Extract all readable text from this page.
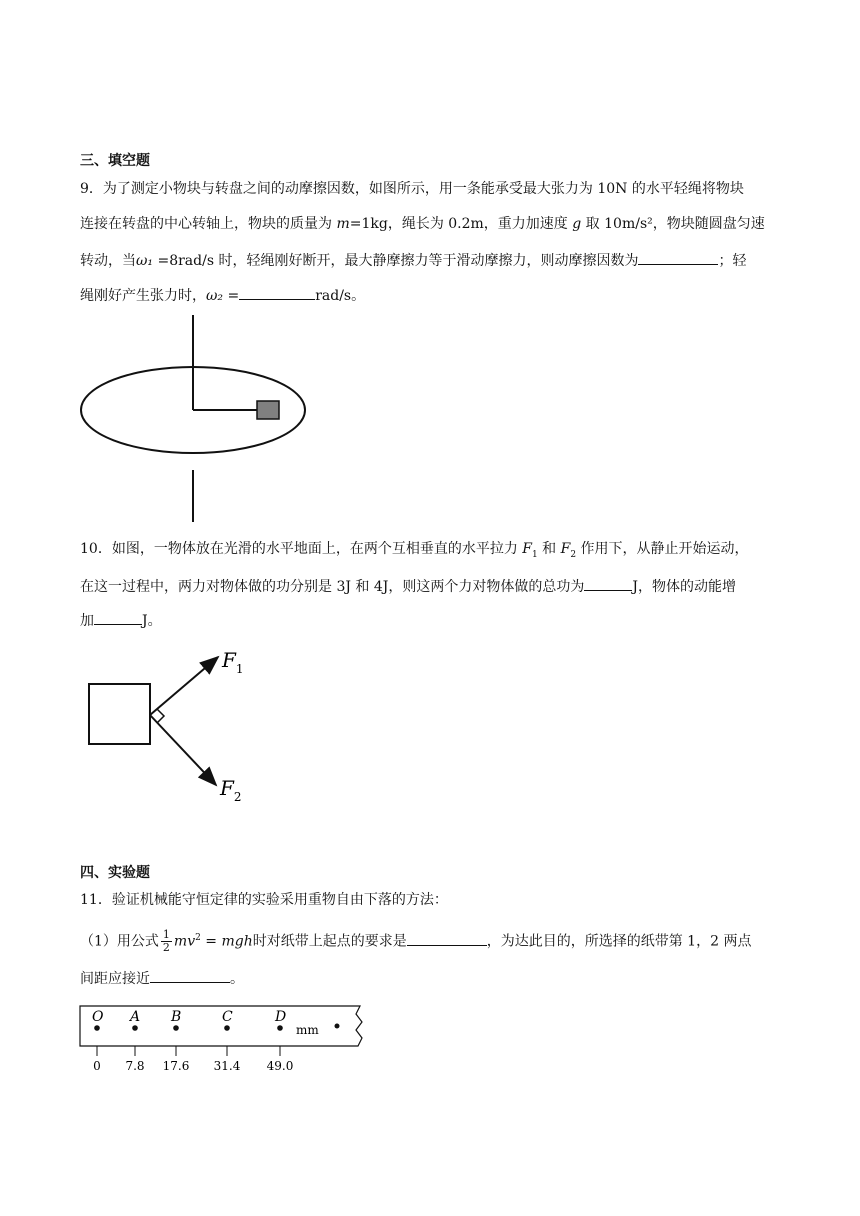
三、填空题
9．为了测定小物块与转盘之间的动摩擦因数，如图所示，用一条能承受最大张力为 10N 的水平轻绳将物块
连接在转盘的中心转轴上，物块的质量为 m=1kg，绳长为 0.2m，重力加速度 g 取 10m/s²，物块随圆盘匀速
转动，当ω₁ =8rad/s 时，轻绳刚好断开，最大静摩擦力等于滑动摩擦力，则动摩擦因数为	；轻
绳刚好产生张力时，ω₂ =	rad/s。
10．如图，一物体放在光滑的水平地面上，在两个互相垂直的水平拉力 $F_1$ 和 $F_2$ 作用下，从静止开始运动，
在这一过程中，两力对物体做的功分别是 3J 和 4J，则这两个力对物体做的总功为	J，物体的动能增
加	J。
$F_1$
$F_2$
四、实验题
11．验证机械能守恒定律的实验采用重物自由下落的方法：
（1）用公式 $\frac{1}{2} mv^2$ = mgh时对纸带上起点的要求是	，为达此目的，所选择的纸带第 1，2 两点
间距应接近	。
O
0
A
7.8
B
17.6
C
31.4
D
49.0
mm
